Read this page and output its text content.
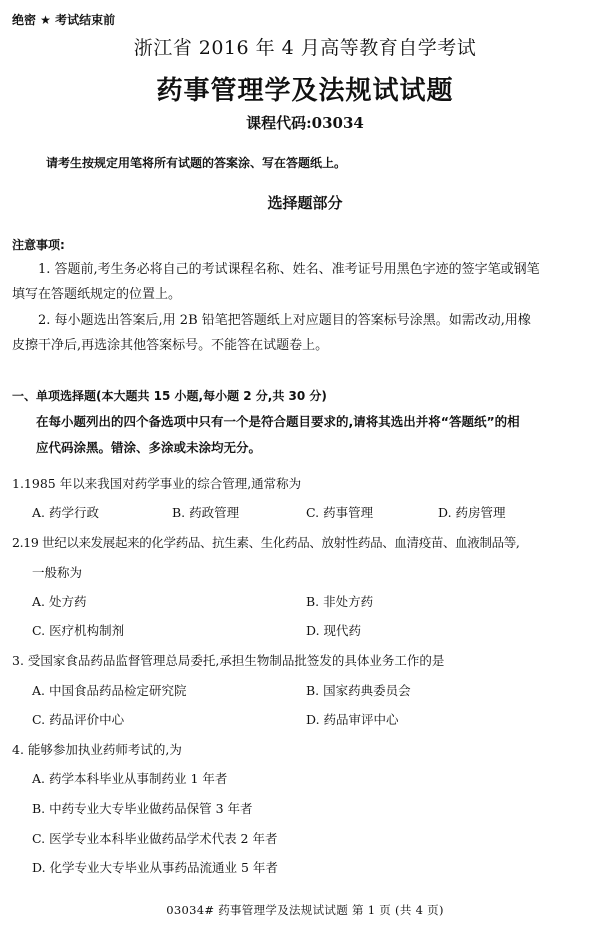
绝密 ★ 考试结束前
浙江省 2016 年 4 月高等教育自学考试
药事管理学及法规试试题
课程代码:03034
请考生按规定用笔将所有试题的答案涂、写在答题纸上。
选择题部分
注意事项:
1. 答题前,考生务必将自己的考试课程名称、姓名、准考证号用黑色字迹的签字笔或钢笔
填写在答题纸规定的位置上。
2. 每小题选出答案后,用 2B 铅笔把答题纸上对应题目的答案标号涂黑。如需改动,用橡
皮擦干净后,再选涂其他答案标号。不能答在试题卷上。
一、单项选择题(本大题共 15 小题,每小题 2 分,共 30 分)
在每小题列出的四个备选项中只有一个是符合题目要求的,请将其选出并将“答题纸”的相
应代码涂黑。错涂、多涂或未涂均无分。
1.1985 年以来我国对药学事业的综合管理,通常称为
A. 药学行政	B. 药政管理	C. 药事管理	D. 药房管理
2.19 世纪以来发展起来的化学药品、抗生素、生化药品、放射性药品、血清疫苗、血液制品等,
一般称为
A. 处方药	B. 非处方药
C. 医疗机构制剂	D. 现代药
3. 受国家食品药品监督管理总局委托,承担生物制品批签发的具体业务工作的是
A. 中国食品药品检定研究院	B. 国家药典委员会
C. 药品评价中心	D. 药品审评中心
4. 能够参加执业药师考试的,为
A. 药学本科毕业从事制药业 1 年者
B. 中药专业大专毕业做药品保管 3 年者
C. 医学专业本科毕业做药品学术代表 2 年者
D. 化学专业大专毕业从事药品流通业 5 年者
03034# 药事管理学及法规试试题 第 1 页 (共 4 页)
